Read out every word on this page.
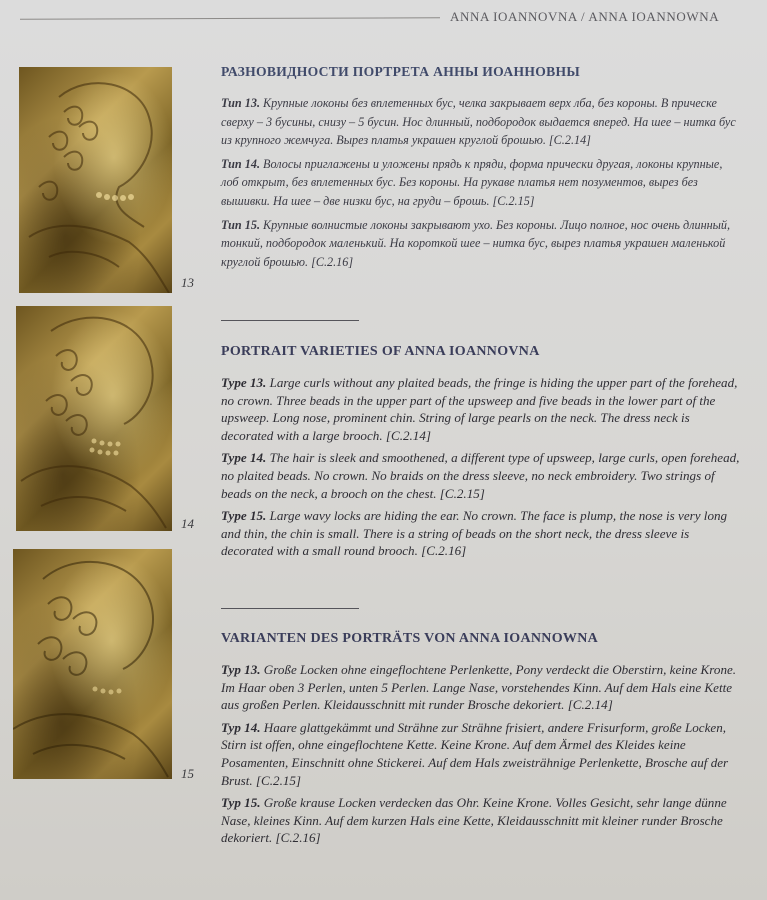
ANNA IOANNOVNA / ANNA IOANNOWNA
13
14
15
РАЗНОВИДНОСТИ ПОРТРЕТА АННЫ ИОАННОВНЫ

Тип 13. Крупные локоны без вплетенных бус, челка закрывает верх лба, без короны. В прическе сверху – 3 бусины, снизу – 5 бусин. Нос длинный, подбородок выдается вперед. На шее – нитка бус из крупного жемчуга. Вырез платья украшен круглой брошью. [C.2.14]

Тип 14. Волосы приглажены и уложены прядь к пряди, форма прически другая, локоны крупные, лоб открыт, без вплетенных бус. Без короны. На рукаве платья нет позументов, вырез без вышивки. На шее – две низки бус, на груди – брошь. [C.2.15]

Тип 15. Крупные волнистые локоны закрывают ухо. Без короны. Лицо полное, нос очень длинный, тонкий, подбородок маленький. На короткой шее – нитка бус, вырез платья украшен маленькой круглой брошью. [C.2.16]

PORTRAIT VARIETIES OF ANNA IOANNOVNA

Type 13. Large curls without any plaited beads, the fringe is hiding the upper part of the forehead, no crown. Three beads in the upper part of the upsweep and five beads in the lower part of the upsweep. Long nose, prominent chin. String of large pearls on the neck. The dress neck is decorated with a large brooch. [C.2.14]

Type 14. The hair is sleek and smoothened, a different type of upsweep, large curls, open forehead, no plaited beads. No crown. No braids on the dress sleeve, no neck embroidery. Two strings of beads on the neck, a brooch on the chest. [C.2.15]

Type 15. Large wavy locks are hiding the ear. No crown. The face is plump, the nose is very long and thin, the chin is small. There is a string of beads on the short neck, the dress sleeve is decorated with a small round brooch. [C.2.16]

VARIANTEN DES PORTRÄTS VON ANNA IOANNOWNA

Typ 13. Große Locken ohne eingeflochtene Perlenkette, Pony verdeckt die Oberstirn, keine Krone. Im Haar oben 3 Perlen, unten 5 Perlen. Lange Nase, vorstehendes Kinn. Auf dem Hals eine Kette aus großen Perlen. Kleidausschnitt mit runder Brosche dekoriert. [C.2.14]

Typ 14. Haare glattgekämmt und Strähne zur Strähne frisiert, andere Frisurform, große Locken, Stirn ist offen, ohne eingeflochtene Kette. Keine Krone. Auf dem Ärmel des Kleides keine Posamenten, Einschnitt ohne Stickerei. Auf dem Hals zweisträhnige Perlenkette, Brosche auf der Brust. [C.2.15]

Typ 15. Große krause Locken verdecken das Ohr. Keine Krone. Volles Gesicht, sehr lange dünne Nase, kleines Kinn. Auf dem kurzen Hals eine Kette, Kleidausschnitt mit kleiner runder Brosche dekoriert. [C.2.16]
